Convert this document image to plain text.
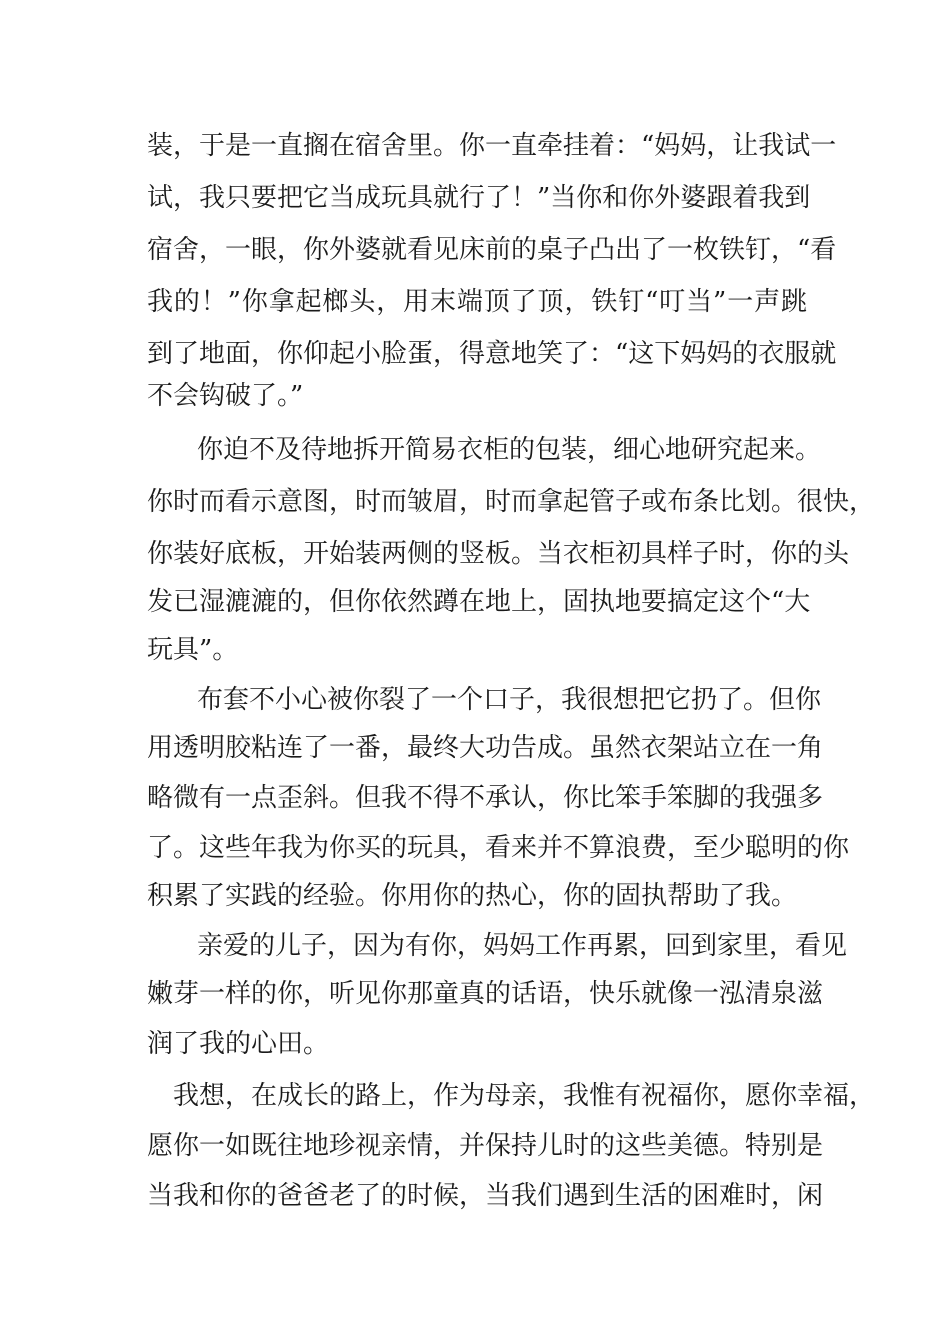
装，于是一直搁在宿舍里。你一直牵挂着：“妈妈，让我试一
试，我只要把它当成玩具就行了！”当你和你外婆跟着我到
宿舍，一眼，你外婆就看见床前的桌子凸出了一枚铁钉，“看
我的！”你拿起榔头，用末端顶了顶，铁钉“叮当”一声跳
到了地面，你仰起小脸蛋，得意地笑了：“这下妈妈的衣服就
不会钩破了。”
你迫不及待地拆开简易衣柜的包装，细心地研究起来。
你时而看示意图，时而皱眉，时而拿起管子或布条比划。很快，
你装好底板，开始装两侧的竖板。当衣柜初具样子时，你的头
发已湿漉漉的，但你依然蹲在地上，固执地要搞定这个“大
玩具”。
布套不小心被你裂了一个口子，我很想把它扔了。但你
用透明胶粘连了一番，最终大功告成。虽然衣架站立在一角
略微有一点歪斜。但我不得不承认，你比笨手笨脚的我强多
了。这些年我为你买的玩具，看来并不算浪费，至少聪明的你
积累了实践的经验。你用你的热心，你的固执帮助了我。
亲爱的儿子，因为有你，妈妈工作再累，回到家里，看见
嫩芽一样的你，听见你那童真的话语，快乐就像一泓清泉滋
润了我的心田。
我想，在成长的路上，作为母亲，我惟有祝福你，愿你幸福，
愿你一如既往地珍视亲情，并保持儿时的这些美德。特别是
当我和你的爸爸老了的时候，当我们遇到生活的困难时，闲
